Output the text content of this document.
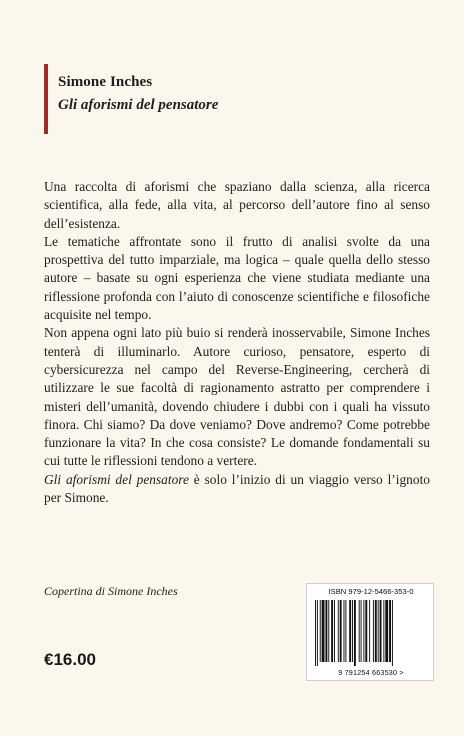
Simone Inches
Gli aforismi del pensatore

Una raccolta di aforismi che spaziano dalla scienza, alla ricerca scientifica, alla fede, alla vita, al percorso dell’autore fino al senso dell’esistenza.

Le tematiche affrontate sono il frutto di analisi svolte da una prospettiva del tutto imparziale, ma logica – quale quella dello stesso autore – basate su ogni esperienza che viene studiata mediante una riflessione profonda con l’aiuto di conoscenze scientifiche e filosofiche acquisite nel tempo.

Non appena ogni lato più buio si renderà inosservabile, Simone Inches tenterà di illuminarlo. Autore curioso, pensatore, esperto di cybersicurezza nel campo del Reverse-Engineering, cercherà di utilizzare le sue facoltà di ragionamento astratto per comprendere i misteri dell’umanità, dovendo chiudere i dubbi con i quali ha vissuto finora. Chi siamo? Da dove veniamo? Dove andremo? Come potrebbe funzionare la vita? In che cosa consiste? Le domande fondamentali su cui tutte le riflessioni tendono a vertere.

Gli aforismi del pensatore è solo l’inizio di un viaggio verso l’ignoto per Simone.

Copertina di Simone Inches
€16.00
ISBN 979-12-5466-353-0
9 791254 663530 >
